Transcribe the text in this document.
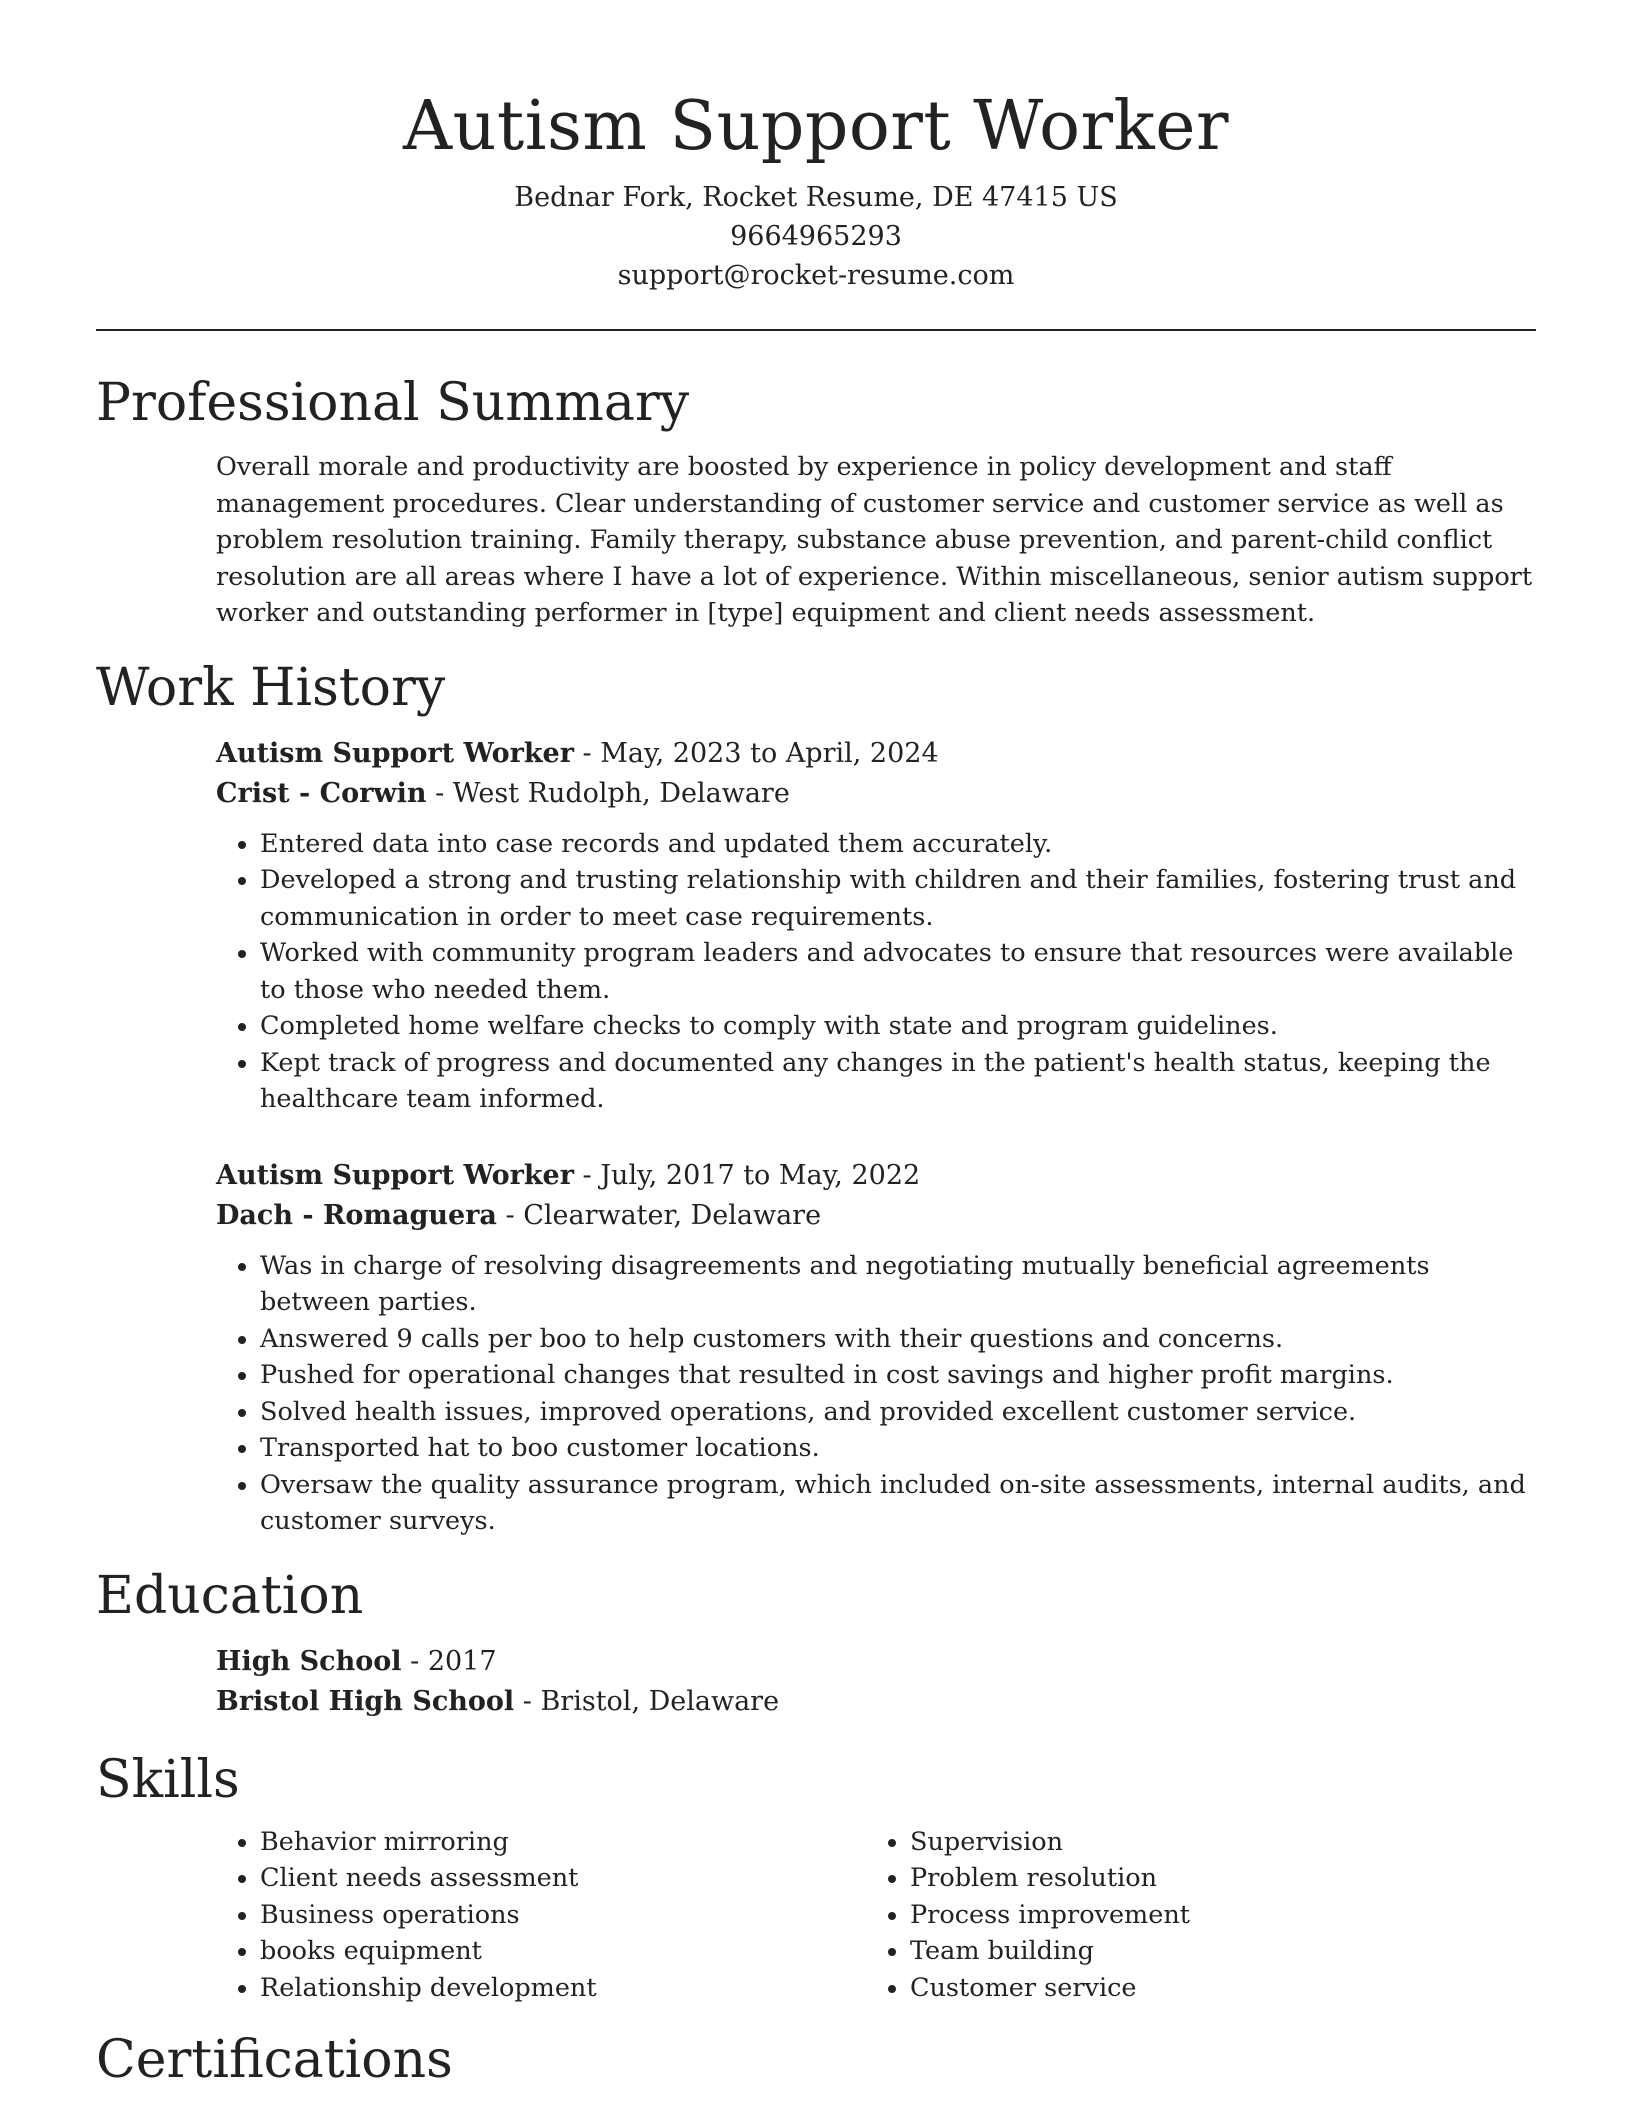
Autism Support Worker

Bednar Fork, Rocket Resume, DE 47415 US

9664965293

support@rocket-resume.com

Professional Summary

Overall morale and productivity are boosted by experience in policy development and staff management procedures. Clear understanding of customer service and customer service as well as problem resolution training. Family therapy, substance abuse prevention, and parent-child conflict resolution are all areas where I have a lot of experience. Within miscellaneous, senior autism support worker and outstanding performer in [type] equipment and client needs assessment.

Work History

Autism Support Worker - May, 2023 to April, 2024

Crist - Corwin - West Rudolph, Delaware

• Entered data into case records and updated them accurately.
• Developed a strong and trusting relationship with children and their families, fostering trust and communication in order to meet case requirements.
• Worked with community program leaders and advocates to ensure that resources were available to those who needed them.
• Completed home welfare checks to comply with state and program guidelines.
• Kept track of progress and documented any changes in the patient's health status, keeping the healthcare team informed.

Autism Support Worker - July, 2017 to May, 2022

Dach - Romaguera - Clearwater, Delaware

• Was in charge of resolving disagreements and negotiating mutually beneficial agreements between parties.
• Answered 9 calls per boo to help customers with their questions and concerns.
• Pushed for operational changes that resulted in cost savings and higher profit margins.
• Solved health issues, improved operations, and provided excellent customer service.
• Transported hat to boo customer locations.
• Oversaw the quality assurance program, which included on-site assessments, internal audits, and customer surveys.
Education

High School - 2017

Bristol High School - Bristol, Delaware

Skills
• Behavior mirroring
• Client needs assessment
• Business operations
• books equipment
• Relationship development
• Supervision
• Problem resolution
• Process improvement
• Team building
• Customer service
Certifications
